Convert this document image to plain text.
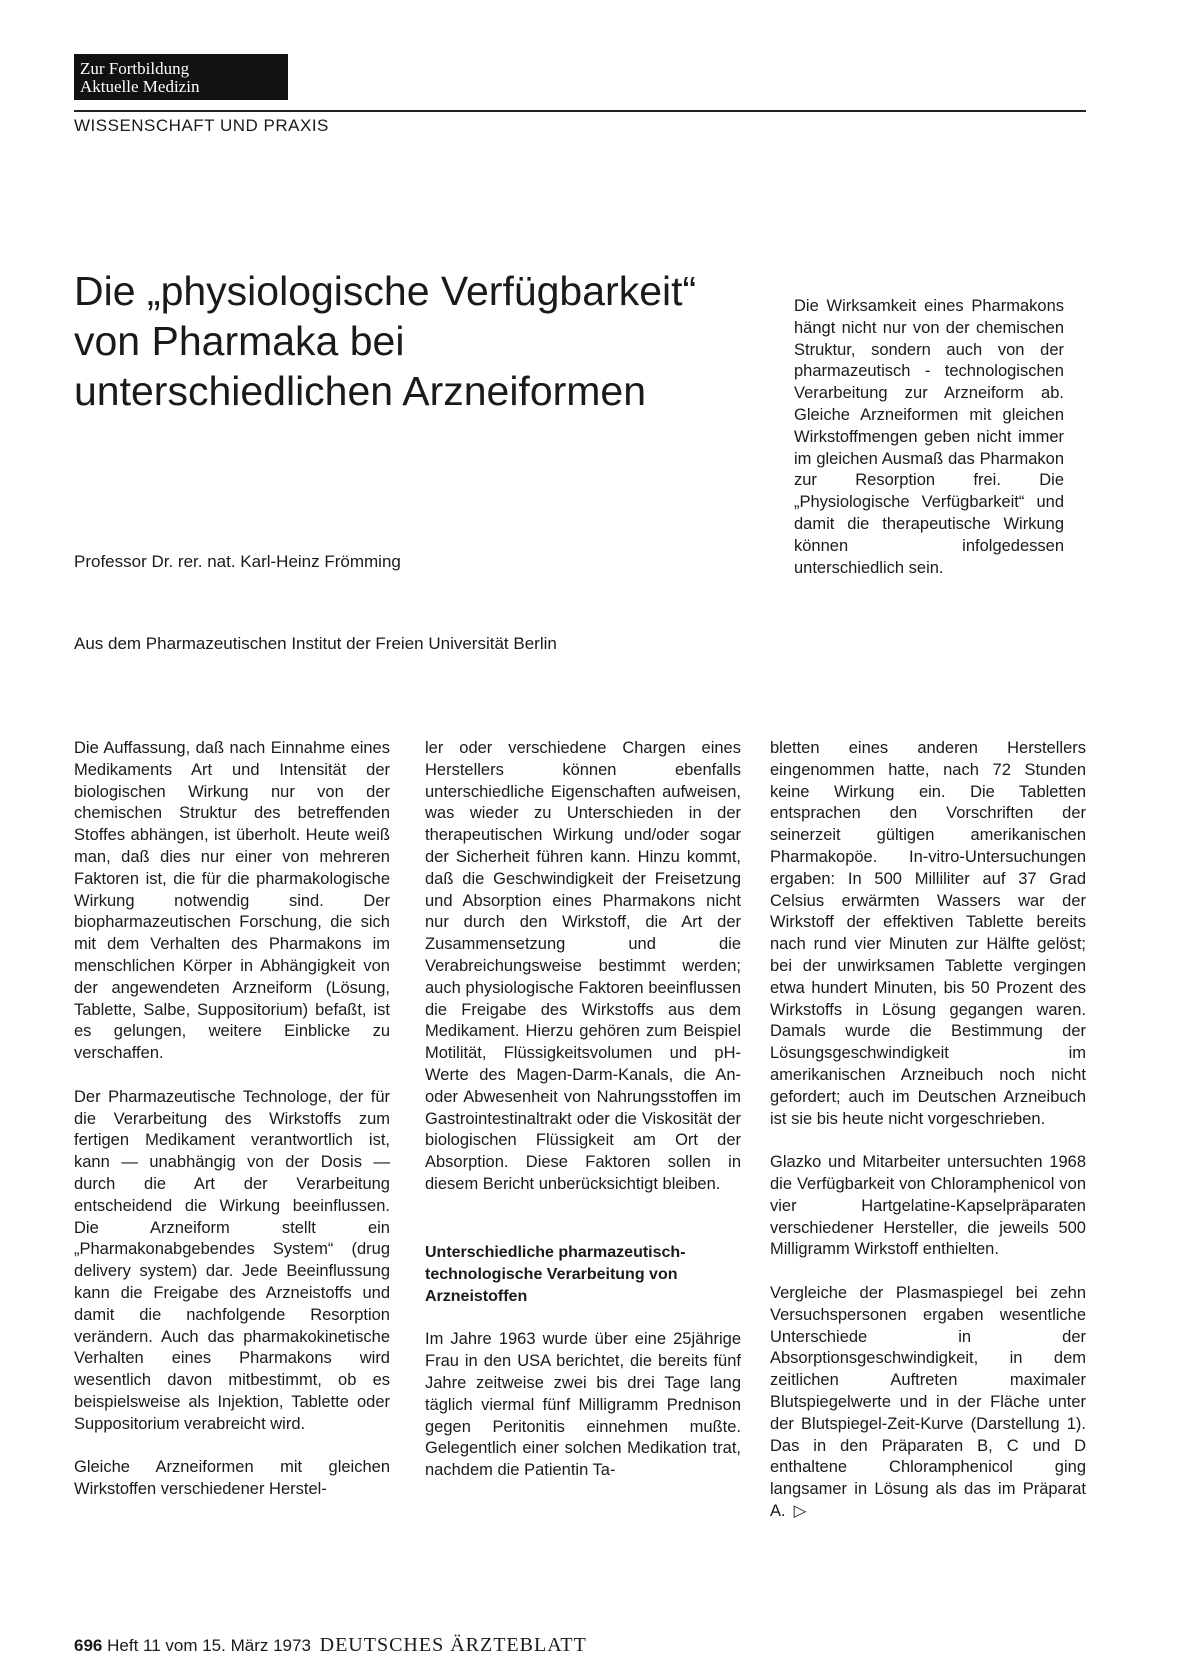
Zur Fortbildung
Aktuelle Medizin
WISSENSCHAFT UND PRAXIS
Die „physiologische Verfügbarkeit“ von Pharmaka bei unterschiedlichen Arzneiformen
Professor Dr. rer. nat. Karl-Heinz Frömming
Aus dem Pharmazeutischen Institut der Freien Universität Berlin

Die Wirksamkeit eines Pharmakons hängt nicht nur von der chemischen Struktur, sondern auch von der pharmazeutisch - technologischen Verarbeitung zur Arzneiform ab. Gleiche Arzneiformen mit gleichen Wirkstoffmengen geben nicht immer im gleichen Ausmaß das Pharmakon zur Resorption frei. Die „Physiologische Verfügbarkeit“ und damit die therapeutische Wirkung können infolgedessen unterschiedlich sein.

Die Auffassung, daß nach Einnahme eines Medikaments Art und Intensität der biologischen Wirkung nur von der chemischen Struktur des betreffenden Stoffes abhängen, ist überholt. Heute weiß man, daß dies nur einer von mehreren Faktoren ist, die für die pharmakologische Wirkung notwendig sind. Der biopharmazeutischen Forschung, die sich mit dem Verhalten des Pharmakons im menschlichen Körper in Abhängigkeit von der angewendeten Arzneiform (Lösung, Tablette, Salbe, Suppositorium) befaßt, ist es gelungen, weitere Einblicke zu verschaffen.

Der Pharmazeutische Technologe, der für die Verarbeitung des Wirkstoffs zum fertigen Medikament verantwortlich ist, kann — unabhängig von der Dosis — durch die Art der Verarbeitung entscheidend die Wirkung beeinflussen. Die Arzneiform stellt ein „Pharmakonabgebendes System“ (drug delivery system) dar. Jede Beeinflussung kann die Freigabe des Arzneistoffs und damit die nachfolgende Resorption verändern. Auch das pharmakokinetische Verhalten eines Pharmakons wird wesentlich davon mitbestimmt, ob es beispielsweise als Injektion, Tablette oder Suppositorium verabreicht wird.

Gleiche Arzneiformen mit gleichen Wirkstoffen verschiedener Herstel-

ler oder verschiedene Chargen eines Herstellers können ebenfalls unterschiedliche Eigenschaften aufweisen, was wieder zu Unterschieden in der therapeutischen Wirkung und/oder sogar der Sicherheit führen kann. Hinzu kommt, daß die Geschwindigkeit der Freisetzung und Absorption eines Pharmakons nicht nur durch den Wirkstoff, die Art der Zusammensetzung und die Verabreichungsweise bestimmt werden; auch physiologische Faktoren beeinflussen die Freigabe des Wirkstoffs aus dem Medikament. Hierzu gehören zum Beispiel Motilität, Flüssigkeitsvolumen und pH-Werte des Magen-Darm-Kanals, die An- oder Abwesenheit von Nahrungsstoffen im Gastrointestinaltrakt oder die Viskosität der biologischen Flüssigkeit am Ort der Absorption. Diese Faktoren sollen in diesem Bericht unberücksichtigt bleiben.

Unterschiedliche pharmazeutisch-technologische Verarbeitung von Arzneistoffen

Im Jahre 1963 wurde über eine 25jährige Frau in den USA berichtet, die bereits fünf Jahre zeitweise zwei bis drei Tage lang täglich viermal fünf Milligramm Prednison gegen Peritonitis einnehmen mußte. Gelegentlich einer solchen Medikation trat, nachdem die Patientin Ta-

bletten eines anderen Herstellers eingenommen hatte, nach 72 Stunden keine Wirkung ein. Die Tabletten entsprachen den Vorschriften der seinerzeit gültigen amerikanischen Pharmakopöe. In-vitro-Untersuchungen ergaben: In 500 Milliliter auf 37 Grad Celsius erwärmten Wassers war der Wirkstoff der effektiven Tablette bereits nach rund vier Minuten zur Hälfte gelöst; bei der unwirksamen Tablette vergingen etwa hundert Minuten, bis 50 Prozent des Wirkstoffs in Lösung gegangen waren. Damals wurde die Bestimmung der Lösungsgeschwindigkeit im amerikanischen Arzneibuch noch nicht gefordert; auch im Deutschen Arzneibuch ist sie bis heute nicht vorgeschrieben.

Glazko und Mitarbeiter untersuchten 1968 die Verfügbarkeit von Chloramphenicol von vier Hartgelatine-Kapselpräparaten verschiedener Hersteller, die jeweils 500 Milligramm Wirkstoff enthielten.

Vergleiche der Plasmaspiegel bei zehn Versuchspersonen ergaben wesentliche Unterschiede in der Absorptionsgeschwindigkeit, in dem zeitlichen Auftreten maximaler Blutspiegelwerte und in der Fläche unter der Blutspiegel-Zeit-Kurve (Darstellung 1). Das in den Präparaten B, C und D enthaltene Chloramphenicol ging langsamer in Lösung als das im Präparat A. ▷

696 Heft 11 vom 15. März 1973 DEUTSCHES ÄRZTEBLATT
